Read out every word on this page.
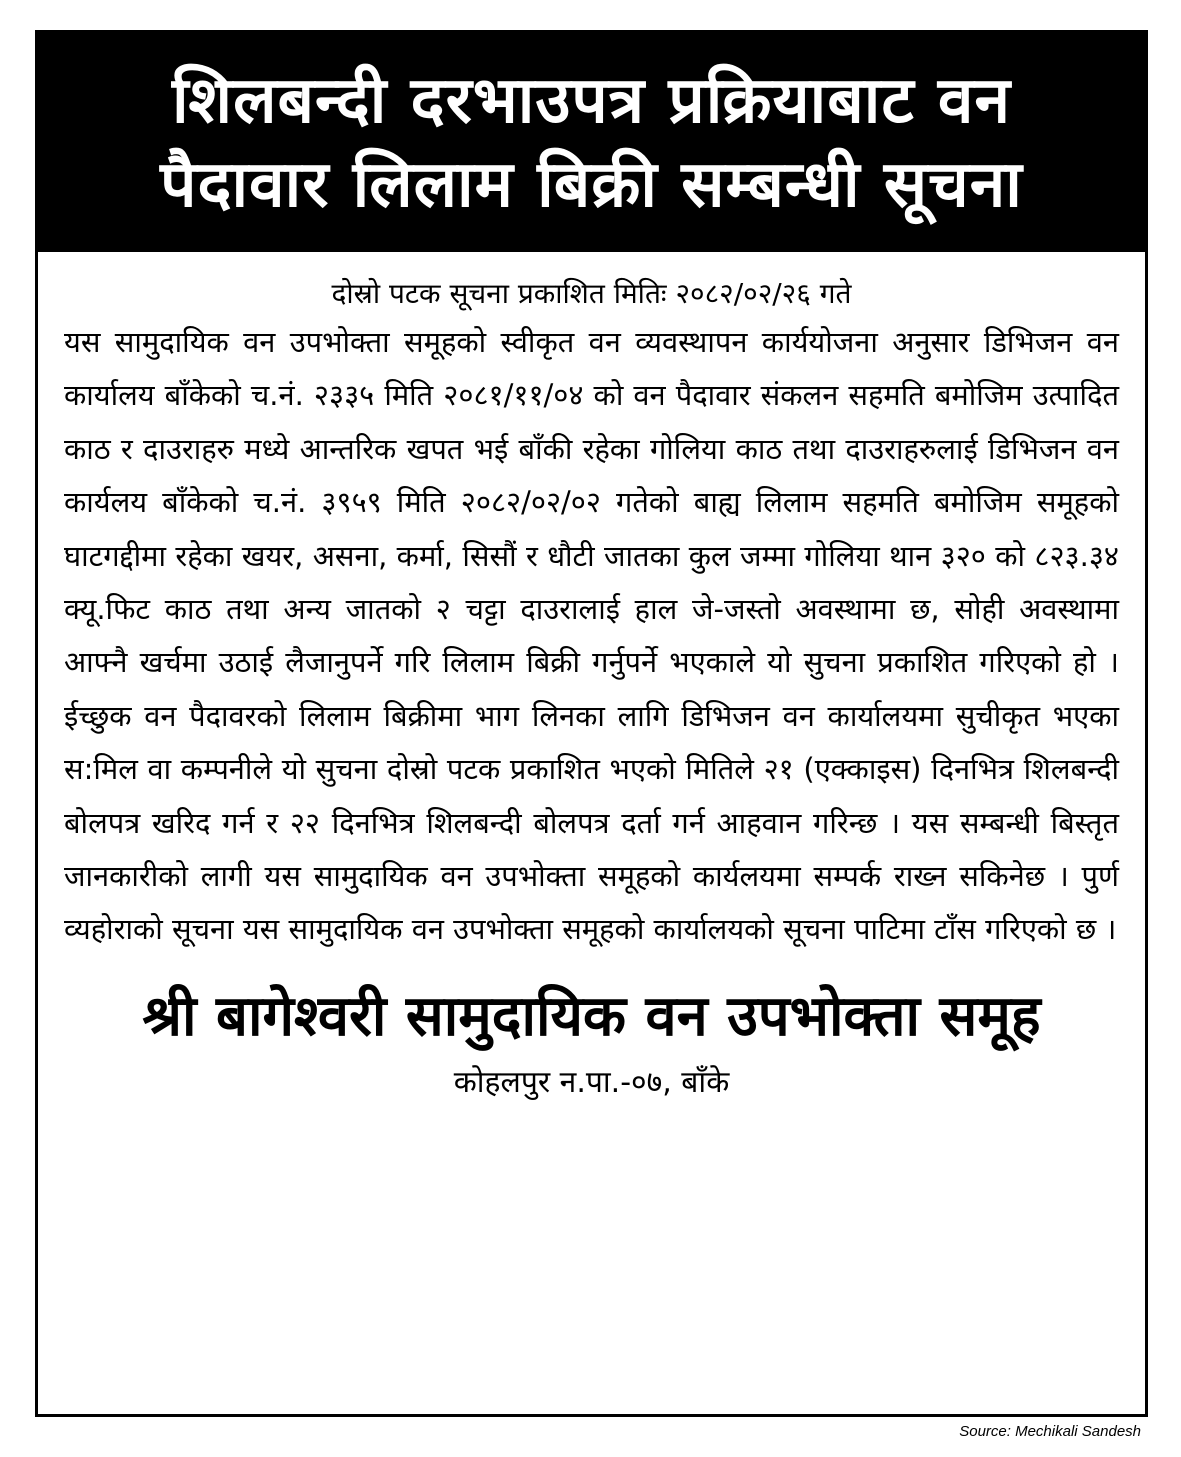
शिलबन्दी दरभाउपत्र प्रक्रियाबाट वन
पैदावार लिलाम बिक्री सम्बन्धी सूचना
दोस्रो पटक सूचना प्रकाशित मितिः २०८२/०२/२६ गते
यस सामुदायिक वन उपभोक्ता समूहको स्वीकृत वन व्यवस्थापन कार्ययोजना अनुसार डिभिजन वन कार्यालय बाँकेको च.नं. २३३५ मिति २०८१/११/०४ को वन पैदावार संकलन सहमति बमोजिम उत्पादित काठ र दाउराहरु मध्ये आन्तरिक खपत भई बाँकी रहेका गोलिया काठ तथा दाउराहरुलाई डिभिजन वन कार्यलय बाँकेको च.नं. ३९५९ मिति २०८२/०२/०२ गतेको बाह्य लिलाम सहमति बमोजिम समूहको घाटगद्दीमा रहेका खयर, असना, कर्मा, सिसौं र धौटी जातका कुल जम्मा गोलिया थान ३२० को ८२३.३४ क्यू.फिट काठ तथा अन्य जातको २ चट्टा दाउरालाई हाल जे-जस्तो अवस्थामा छ, सोही अवस्थामा आफ्नै खर्चमा उठाई लैजानुपर्ने गरि लिलाम बिक्री गर्नुपर्ने भएकाले यो सुचना प्रकाशित गरिएको हो । ईच्छुक वन पैदावरको लिलाम बिक्रीमा भाग लिनका लागि डिभिजन वन कार्यालयमा सुचीकृत भएका स:मिल वा कम्पनीले यो सुचना दोस्रो पटक प्रकाशित भएको मितिले २१ (एक्काइस) दिनभित्र शिलबन्दी बोलपत्र खरिद गर्न र २२ दिनभित्र शिलबन्दी बोलपत्र दर्ता गर्न आहवान गरिन्छ । यस सम्बन्धी बिस्तृत जानकारीको लागी यस सामुदायिक वन उपभोक्ता समूहको कार्यलयमा सम्पर्क राख्न सकिनेछ । पुर्ण व्यहोराको सूचना यस सामुदायिक वन उपभोक्ता समूहको कार्यालयको सूचना पाटिमा टाँस गरिएको छ ।
श्री बागेश्वरी सामुदायिक वन उपभोक्ता समूह
कोहलपुर न.पा.-०७, बाँके
Source: Mechikali Sandesh
